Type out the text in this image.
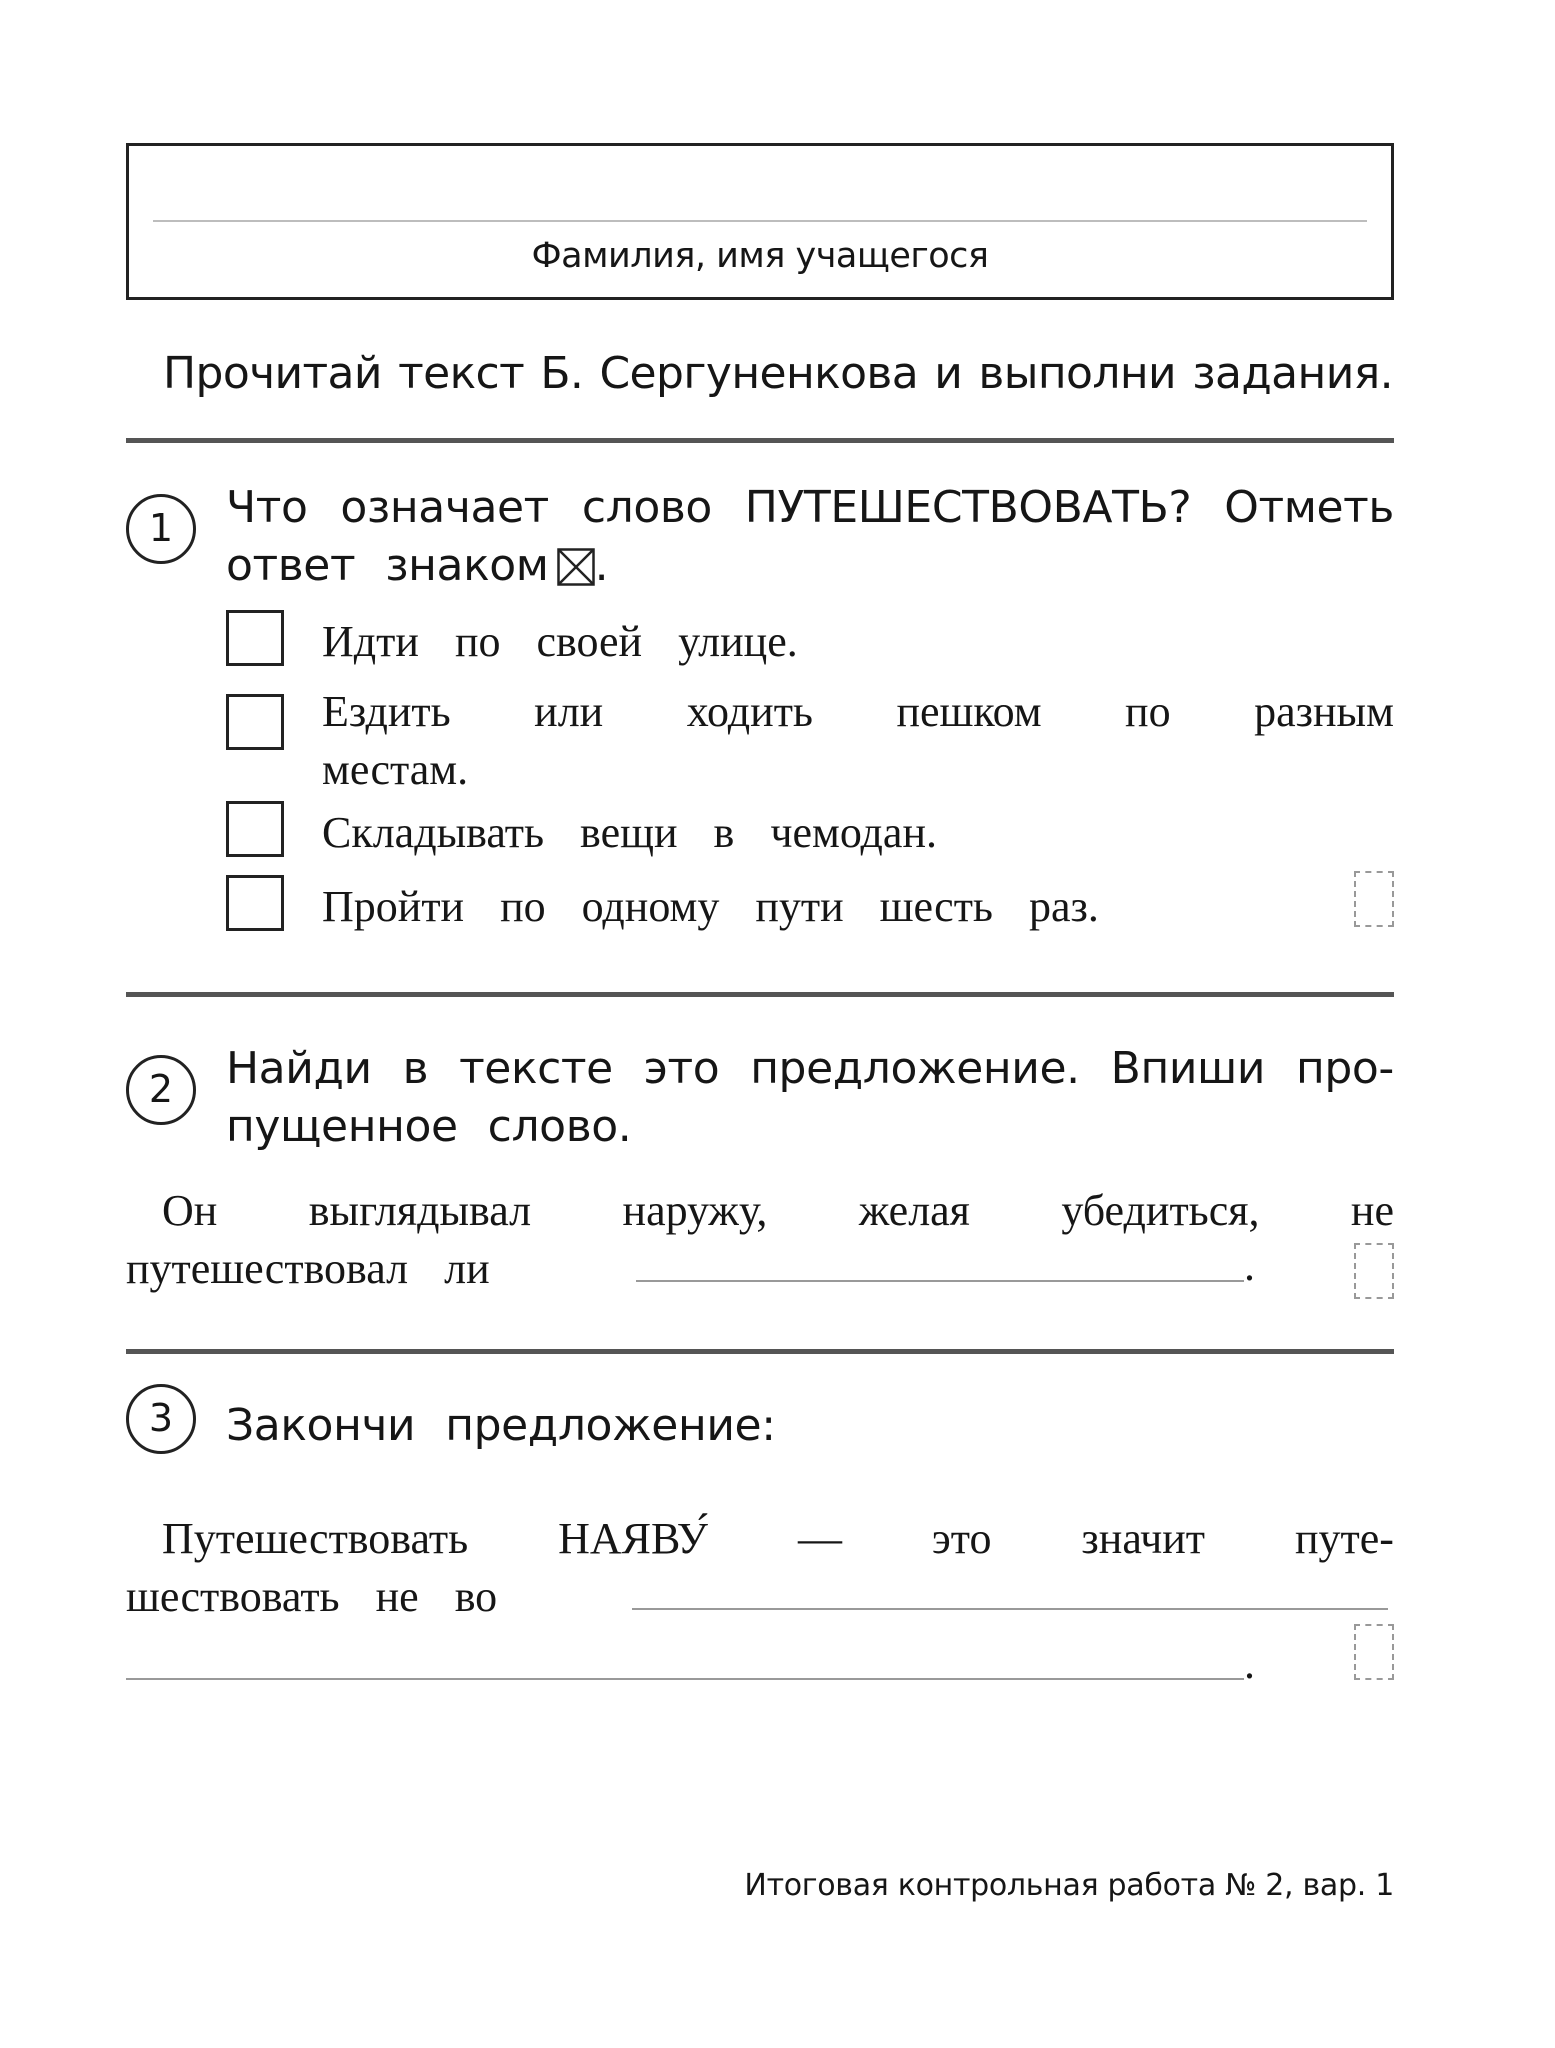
Фамилия, имя учащегося
Прочитай текст Б. Сергуненкова и выполни задания.
1	Что означает слово ПУТЕШЕСТВОВАТЬ? Отметь
ответ знаком .
Идти по своей улице.
Ездить или ходить пешком по разным
местам.
Складывать вещи в чемодан.
Пройти по одному пути шесть раз.
2	Найди в тексте это предложение. Впиши про-
пущенное слово.
Он выглядывал наружу, желая убедиться, не
путешествовал ли	.
3	Закончи предложение:
Путешествовать НАЯВУ́ — это значит путе-
шествовать не во
.
Итоговая контрольная работа № 2, вар. 1
